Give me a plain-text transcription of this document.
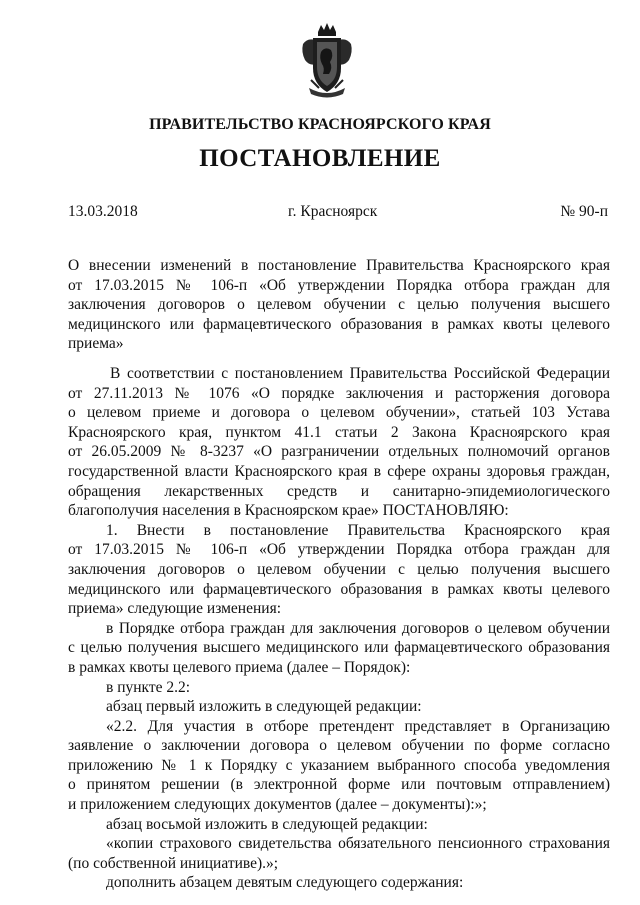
ПРАВИТЕЛЬСТВО КРАСНОЯРСКОГО КРАЯ
ПОСТАНОВЛЕНИЕ
13.03.2018	г. Красноярск	№ 90-п
О внесении изменений в постановление Правительства Красноярского края
от 17.03.2015 № 106-п «Об утверждении Порядка отбора граждан для
заключения договоров о целевом обучении с целью получения высшего
медицинского или фармацевтического образования в рамках квоты целевого
приема»
В соответствии с постановлением Правительства Российской Федерации
от 27.11.2013 № 1076 «О порядке заключения и расторжения договора
о целевом приеме и договора о целевом обучении», статьей 103 Устава
Красноярского края, пунктом 41.1 статьи 2 Закона Красноярского края
от 26.05.2009 № 8-3237 «О разграничении отдельных полномочий органов
государственной власти Красноярского края в сфере охраны здоровья граждан,
обращения лекарственных средств и санитарно-эпидемиологического
благополучия населения в Красноярском крае» ПОСТАНОВЛЯЮ:
1. Внести в постановление Правительства Красноярского края
от 17.03.2015 № 106-п «Об утверждении Порядка отбора граждан для
заключения договоров о целевом обучении с целью получения высшего
медицинского или фармацевтического образования в рамках квоты целевого
приема» следующие изменения:
в Порядке отбора граждан для заключения договоров о целевом обучении
с целью получения высшего медицинского или фармацевтического образования
в рамках квоты целевого приема (далее – Порядок):
в пункте 2.2:
абзац первый изложить в следующей редакции:
«2.2. Для участия в отборе претендент представляет в Организацию
заявление о заключении договора о целевом обучении по форме согласно
приложению № 1 к Порядку с указанием выбранного способа уведомления
о принятом решении (в электронной форме или почтовым отправлением)
и приложением следующих документов (далее – документы):»;
абзац восьмой изложить в следующей редакции:
«копии страхового свидетельства обязательного пенсионного страхования
(по собственной инициативе).»;
дополнить абзацем девятым следующего содержания:
